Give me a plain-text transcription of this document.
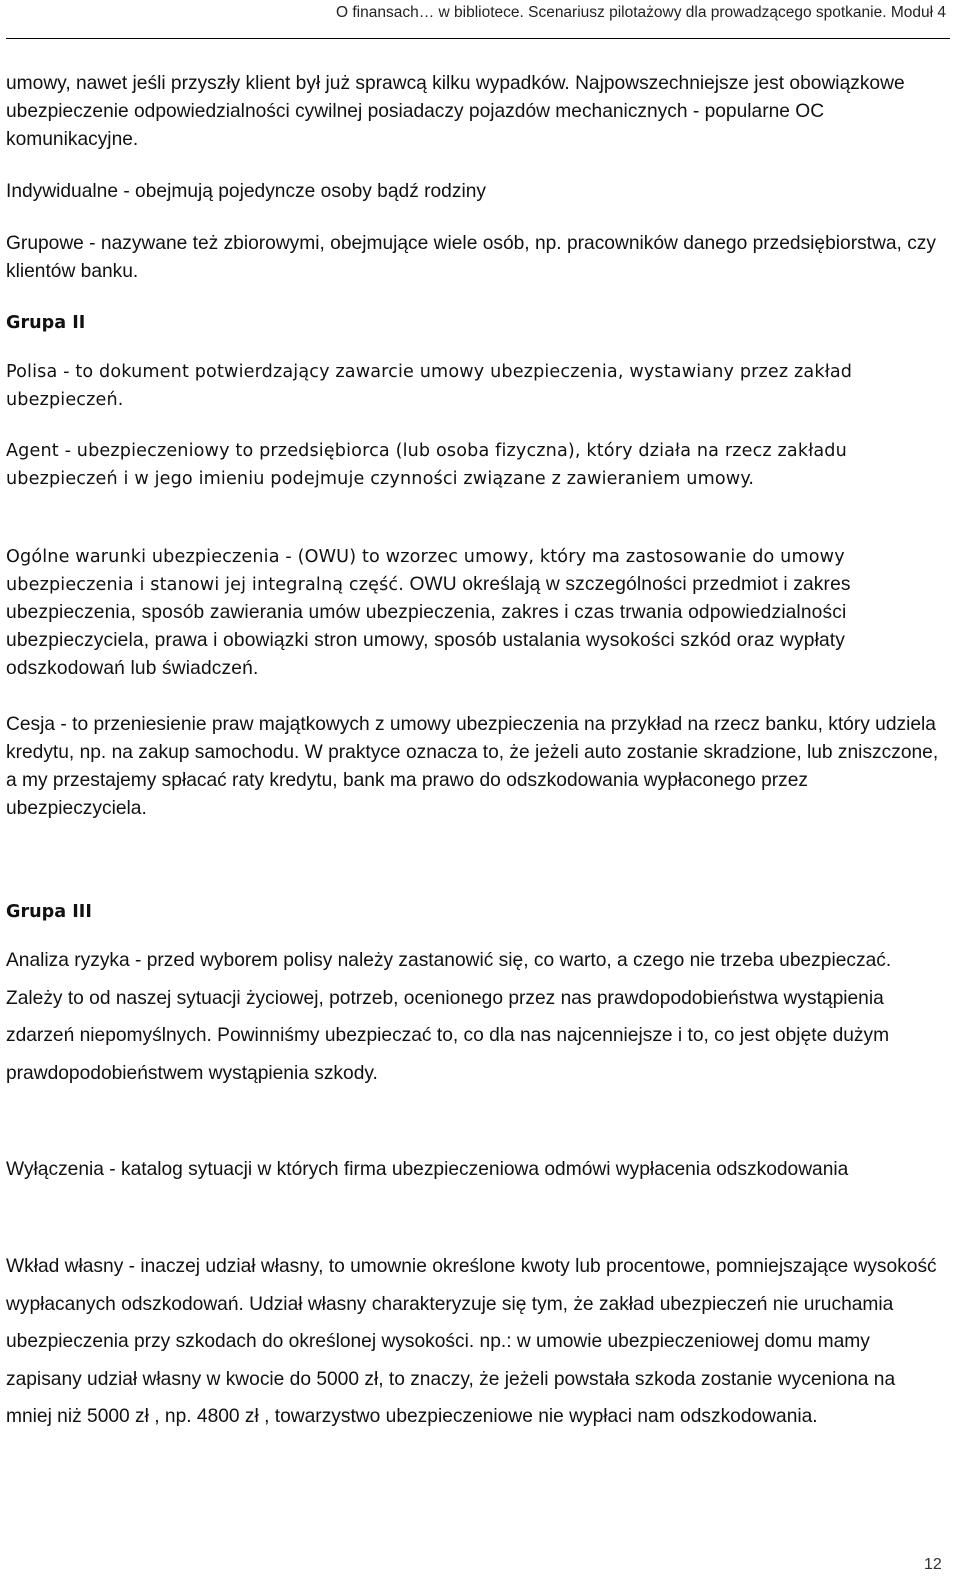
O finansach… w bibliotece. Scenariusz pilotażowy dla prowadzącego spotkanie. Moduł 4

umowy, nawet jeśli przyszły klient był już sprawcą kilku wypadków. Najpowszechniejsze jest obowiązkowe ubezpieczenie odpowiedzialności cywilnej posiadaczy pojazdów mechanicznych - popularne OC komunikacyjne.

Indywidualne - obejmują pojedyncze osoby bądź rodziny

Grupowe - nazywane też zbiorowymi, obejmujące wiele osób, np. pracowników danego przedsiębiorstwa, czy klientów banku.

Grupa II

Polisa - to dokument potwierdzający zawarcie umowy ubezpieczenia, wystawiany przez zakład ubezpieczeń.

Agent - ubezpieczeniowy to przedsiębiorca (lub osoba fizyczna), który działa na rzecz zakładu ubezpieczeń i w jego imieniu podejmuje czynności związane z zawieraniem umowy.

Ogólne warunki ubezpieczenia - (OWU) to wzorzec umowy, który ma zastosowanie do umowy ubezpieczenia i stanowi jej integralną część. OWU określają w szczególności przedmiot i zakres ubezpieczenia, sposób zawierania umów ubezpieczenia, zakres i czas trwania odpowiedzialności ubezpieczyciela, prawa i obowiązki stron umowy, sposób ustalania wysokości szkód oraz wypłaty odszkodowań lub świadczeń.

Cesja - to przeniesienie praw majątkowych z umowy ubezpieczenia na przykład na rzecz banku, który udziela kredytu, np. na zakup samochodu. W praktyce oznacza to, że jeżeli auto zostanie skradzione, lub zniszczone, a my przestajemy spłacać raty kredytu, bank ma prawo do odszkodowania wypłaconego przez ubezpieczyciela.

Grupa III

Analiza ryzyka - przed wyborem polisy należy zastanowić się, co warto, a czego nie trzeba ubezpieczać. Zależy to od naszej sytuacji życiowej, potrzeb, ocenionego przez nas prawdopodobieństwa wystąpienia zdarzeń niepomyślnych. Powinniśmy ubezpieczać to, co dla nas najcenniejsze i to, co jest objęte dużym prawdopodobieństwem wystąpienia szkody.

Wyłączenia - katalog sytuacji w których firma ubezpieczeniowa odmówi wypłacenia odszkodowania

Wkład własny - inaczej udział własny, to umownie określone kwoty lub procentowe, pomniejszające wysokość wypłacanych odszkodowań. Udział własny charakteryzuje się tym, że zakład ubezpieczeń nie uruchamia ubezpieczenia przy szkodach do określonej wysokości. np.: w umowie ubezpieczeniowej domu mamy zapisany udział własny w kwocie do 5000 zł, to znaczy, że jeżeli powstała szkoda zostanie wyceniona na mniej niż 5000 zł , np. 4800 zł , towarzystwo ubezpieczeniowe nie wypłaci nam odszkodowania.

12
